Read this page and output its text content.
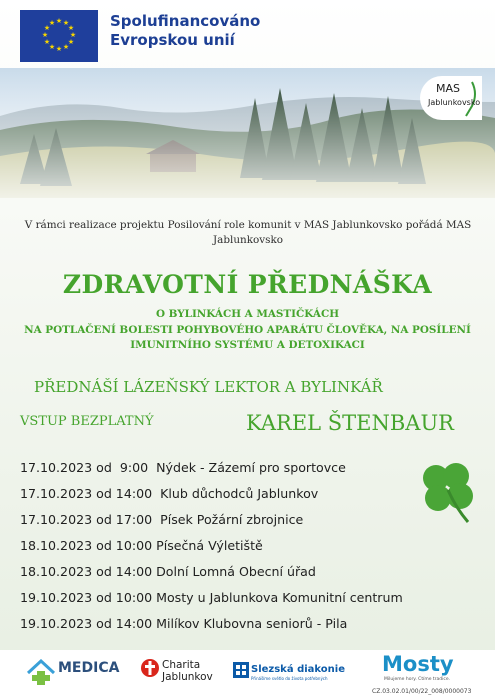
★ ★
★
★
★
★
★
★
★
★
★
★	Spolufinancováno
Evropskou unií
MAS
Jablunkovsko
V rámci realizace projektu Posilování role komunit v MAS Jablunkovsko pořádá MAS Jablunkovsko
ZDRAVOTNÍ PŘEDNÁŠKA
O BYLINKÁCH A MASTIČKÁCH
NA POTLAČENÍ BOLESTI POHYBOVÉHO APARÁTU ČLOVĚKA, NA POSÍLENÍ
IMUNITNÍHO SYSTÉMU A DETOXIKACI
PŘEDNÁŠÍ LÁZEŇSKÝ LEKTOR A BYLINKÁŘ
VSTUP BEZPLATNÝ	KAREL ŠTENBAUR
17.10.2023 od  9:00  Nýdek - Zázemí pro sportovce
17.10.2023 od 14:00  Klub důchodců Jablunkov
17.10.2023 od 17:00  Písek Požární zbrojnice
18.10.2023 od 10:00 Písečná Výletiště
18.10.2023 od 14:00 Dolní Lomná Obecní úřad
19.10.2023 od 10:00 Mosty u Jablunkova Komunitní centrum
19.10.2023 od 14:00 Milíkov Klubovna seniorů - Pila
MEDICA	Charita
Jablunkov
Slezská diakonie
Přinášíme světlo do života potřebných
Mosty
Milujeme hory. Ctíme tradice.
CZ.03.02.01/00/22_008/0000073
